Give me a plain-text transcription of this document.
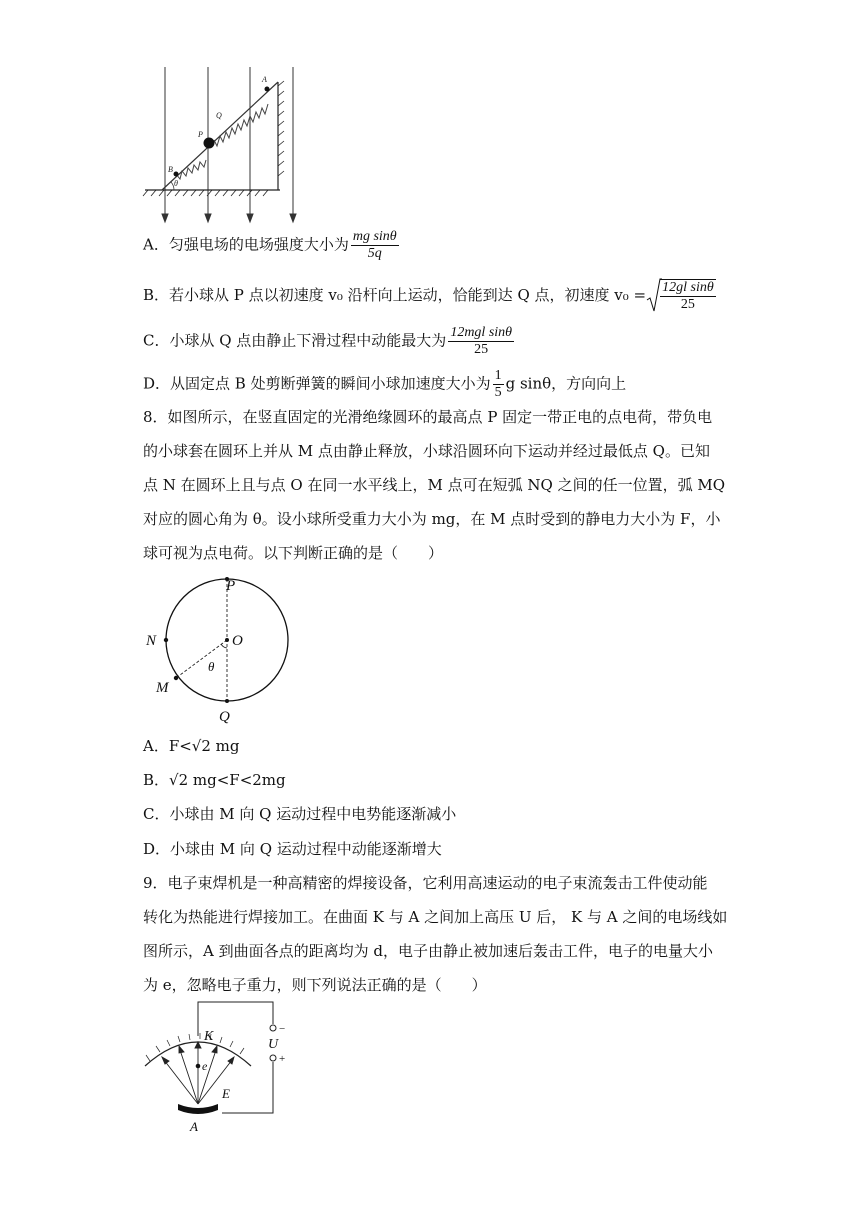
A
Q
P
B
θ
A．匀强电场的电场强度大小为 $\frac{\text{mg sinθ}}{5q}$
B．若小球从 P 点以初速度 v₀ 沿杆向上运动，恰能到达 Q 点，初速度 $v_0 = \frac{\text{12gl sinθ}}{25}$
C．小球从 Q 点由静止下滑过程中动能最大为 $\frac{\text{12mgl sinθ}}{25}$
D．从固定点 B 处剪断弹簧的瞬间小球加速度大小为 $\frac{1}{5}$ g sinθ，方向向上
8．如图所示，在竖直固定的光滑绝缘圆环的最高点 P 固定一带正电的点电荷，带负电
的小球套在圆环上并从 M 点由静止释放，小球沿圆环向下运动并经过最低点 Q。已知
点 N 在圆环上且与点 O 在同一水平线上，M 点可在短弧 NQ 之间的任一位置，弧 MQ
对应的圆心角为 θ。设小球所受重力大小为 mg，在 M 点时受到的静电力大小为 F，小
球可视为点电荷。以下判断正确的是（　　）
P
N	O
M
θ
Q
A．F<√2 mg
B．√2 mg<F<2mg
C．小球由 M 向 Q 运动过程中电势能逐渐减小
D．小球由 M 向 Q 运动过程中动能逐渐增大
9．电子束焊机是一种高精密的焊接设备，它利用高速运动的电子束流轰击工件使动能
转化为热能进行焊接加工。在曲面 K 与 A 之间加上高压 U 后， K 与 A 之间的电场线如
图所示，A 到曲面各点的距离均为 d，电子由静止被加速后轰击工件，电子的电量大小
为 e，忽略电子重力，则下列说法正确的是（　　）
K
U
−
+
e
E
A
